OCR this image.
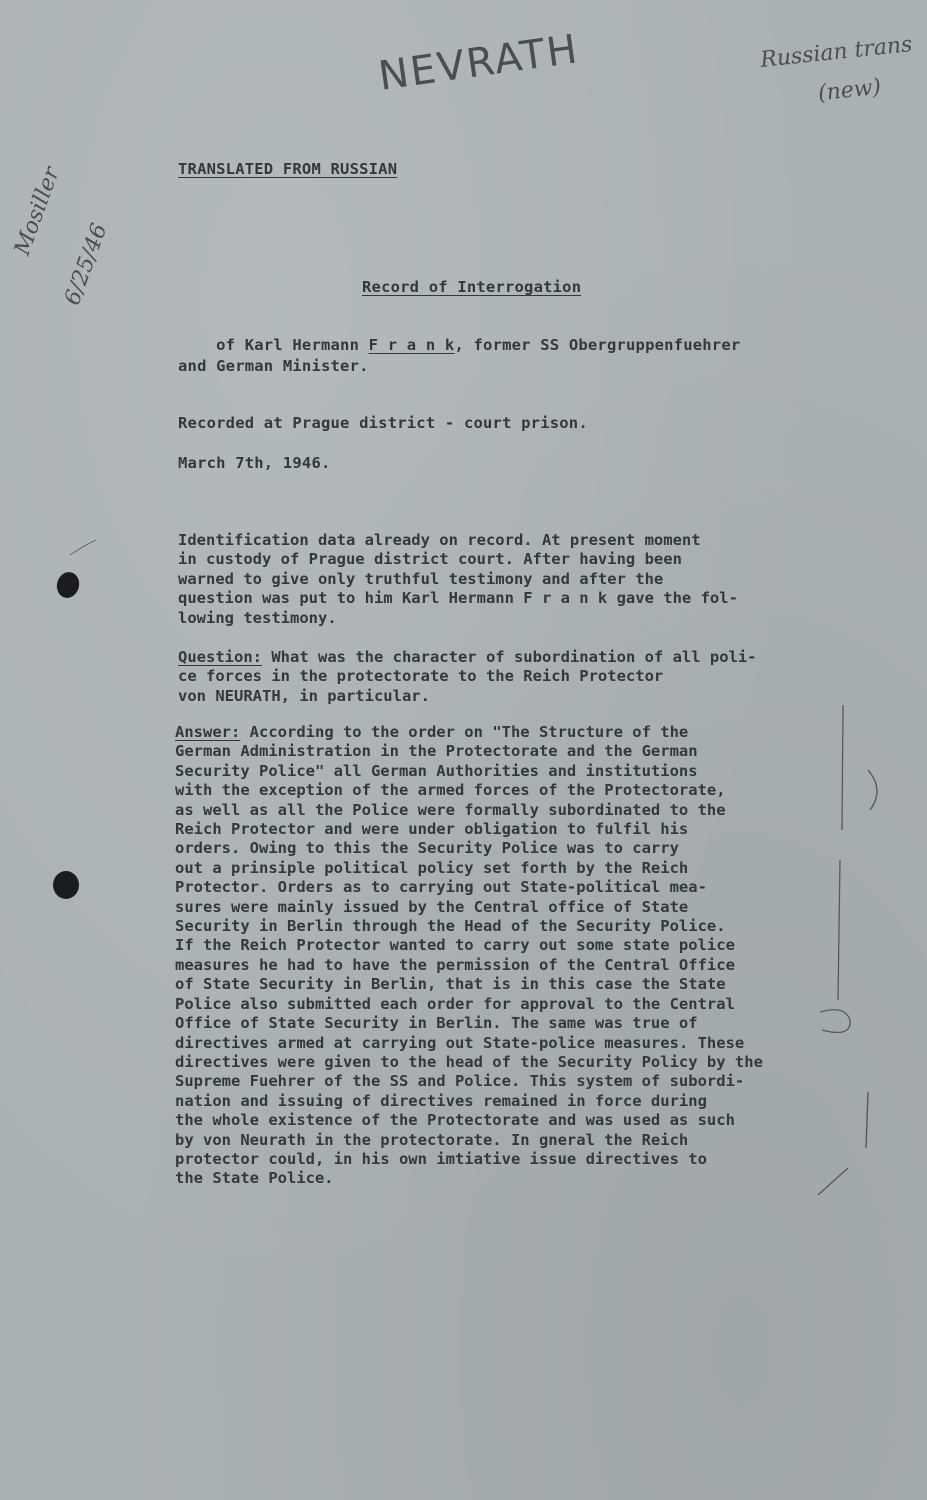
NEVRATH	Russian trans
(new)
Mosiller
6/25/46
TRANSLATED FROM RUSSIAN
Record of Interrogation

of Karl Hermann F r a n k, former SS Obergruppenfuehrer

and German Minister.
Recorded at Prague district - court prison.
March 7th, 1946.
Identification data already on record. At present moment
in custody of Prague district court. After having been
warned to give only truthful testimony and after the
question was put to him Karl Hermann F r a n k gave the fol-
lowing testimony.
Question: What was the character of subordination of all poli-
ce forces in the protectorate to the Reich Protector
von NEURATH, in particular.
Answer: According to the order on "The Structure of the
German Administration in the Protectorate and the German
Security Police" all German Authorities and institutions
with the exception of the armed forces of the Protectorate,
as well as all the Police were formally subordinated to the
Reich Protector and were under obligation to fulfil his
orders. Owing to this the Security Police was to carry
out a prinsiple political policy set forth by the Reich
Protector. Orders as to carrying out State-political mea-
sures were mainly issued by the Central office of State
Security in Berlin through the Head of the Security Police.
If the Reich Protector wanted to carry out some state police
measures he had to have the permission of the Central Office
of State Security in Berlin, that is in this case the State
Police also submitted each order for approval to the Central
Office of State Security in Berlin. The same was true of
directives armed at carrying out State-police measures. These
directives were given to the head of the Security Policy by the
Supreme Fuehrer of the SS and Police. This system of subordi-
nation and issuing of directives remained in force during
the whole existence of the Protectorate and was used as such
by von Neurath in the protectorate. In gneral the Reich
protector could, in his own imtiative issue directives to
the State Police.
